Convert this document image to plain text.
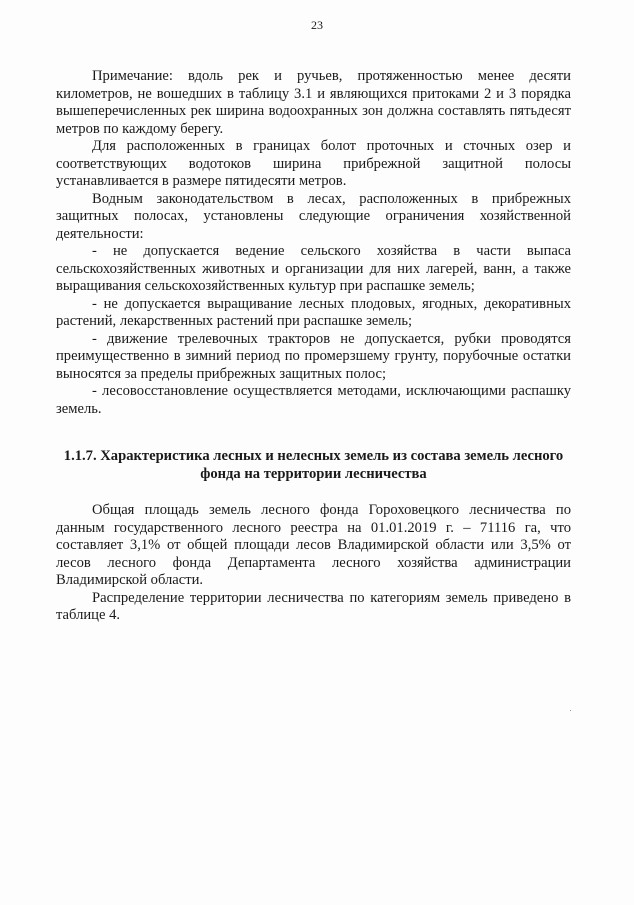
23

Примечание: вдоль рек и ручьев, протяженностью менее десяти километров, не вошедших в таблицу 3.1 и являющихся притоками 2 и 3 порядка вышеперечисленных рек ширина водоохранных зон должна составлять пятьдесят метров по каждому берегу.

Для расположенных в границах болот проточных и сточных озер и соответствующих водотоков ширина прибрежной защитной полосы устанавливается в размере пятидесяти метров.

Водным законодательством в лесах, расположенных в прибрежных защитных полосах, установлены следующие ограничения хозяйственной деятельности:

- не допускается ведение сельского хозяйства в части выпаса сельскохозяйственных животных и организации для них лагерей, ванн, а также выращивания сельскохозяйственных культур при распашке земель;

- не допускается выращивание лесных плодовых, ягодных, декоративных растений, лекарственных растений при распашке земель;

- движение трелевочных тракторов не допускается, рубки проводятся преимущественно в зимний период по промерзшему грунту, порубочные остатки выносятся за пределы прибрежных защитных полос;

- лесовосстановление осуществляется методами, исключающими распашку земель.

1.1.7. Характеристика лесных и нелесных земель из состава земель лесного фонда на территории лесничества

Общая площадь земель лесного фонда Гороховецкого лесничества по данным государственного лесного реестра на 01.01.2019 г. – 71116 га, что составляет 3,1% от общей площади лесов Владимирской области или 3,5% от лесов лесного фонда Департамента лесного хозяйства администрации Владимирской области.

Распределение территории лесничества по категориям земель приведено в таблице 4.
